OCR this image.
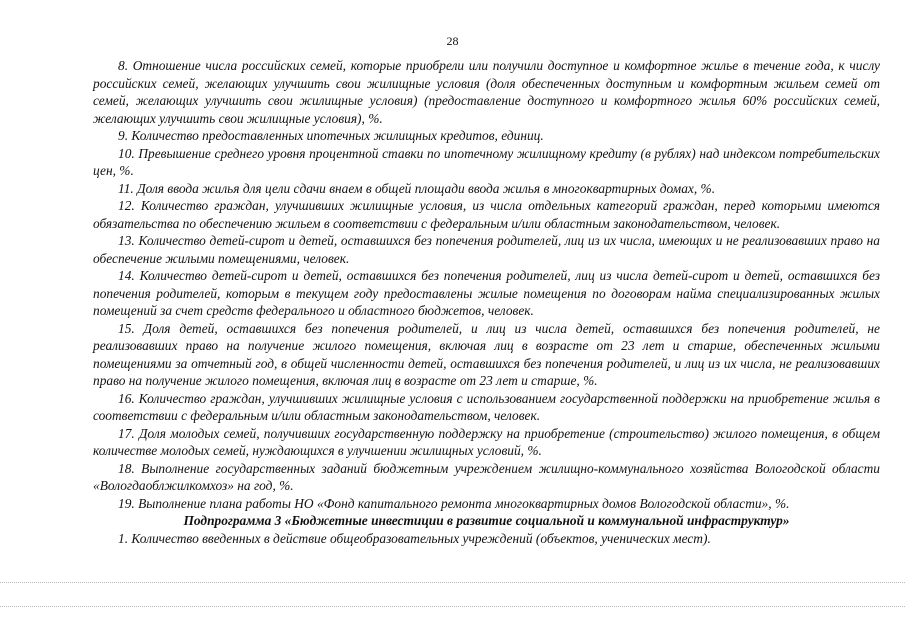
28

8. Отношение числа российских семей, которые приобрели или получили доступное и комфортное жилье в течение года, к числу российских семей, желающих улучшить свои жилищные условия (доля обеспеченных доступным и комфортным жильем семей от семей, желающих улучшить свои жилищные условия) (предоставление доступного и комфортного жилья 60% российских семей, желающих улучшить свои жилищные условия), %.

9. Количество предоставленных ипотечных жилищных кредитов, единиц.

10. Превышение среднего уровня процентной ставки по ипотечному жилищному кредиту (в рублях) над индексом потребительских цен, %.

11. Доля ввода жилья для цели сдачи внаем в общей площади ввода жилья в многоквартирных домах, %.

12. Количество граждан, улучшивших жилищные условия, из числа отдельных категорий граждан, перед которыми имеются обязательства по обеспечению жильем в соответствии с федеральным и/или областным законодательством, человек.

13. Количество детей-сирот и детей, оставшихся без попечения родителей, лиц из их числа, имеющих и не реализовавших право на обеспечение жилыми помещениями, человек.

14. Количество детей-сирот и детей, оставшихся без попечения родителей, лиц из числа детей-сирот и детей, оставшихся без попечения родителей, которым в текущем году предоставлены жилые помещения по договорам найма специализированных жилых помещений за счет средств федерального и областного бюджетов, человек.

15. Доля детей, оставшихся без попечения родителей, и лиц из числа детей, оставшихся без попечения родителей, не реализовавших право на получение жилого помещения, включая лиц в возрасте от 23 лет и старше, обеспеченных жилыми помещениями за отчетный год, в общей численности детей, оставшихся без попечения родителей, и лиц из их числа, не реализовавших право на получение жилого помещения, включая лиц в возрасте от 23 лет и старше, %.

16. Количество граждан, улучшивших жилищные условия с использованием государственной поддержки на приобретение жилья в соответствии с федеральным и/или областным законодательством, человек.

17. Доля молодых семей, получивших государственную поддержку на приобретение (строительство) жилого помещения, в общем количестве молодых семей, нуждающихся в улучшении жилищных условий, %.

18. Выполнение государственных заданий бюджетным учреждением жилищно-коммунального хозяйства Вологодской области «Вологдаоблжилкомхоз» на год, %.

19. Выполнение плана работы НО «Фонд капитального ремонта многоквартирных домов Вологодской области», %.

Подпрограмма 3 «Бюджетные инвестиции в развитие социальной и коммунальной инфраструктур»

1. Количество введенных в действие общеобразовательных учреждений (объектов, ученических мест).
